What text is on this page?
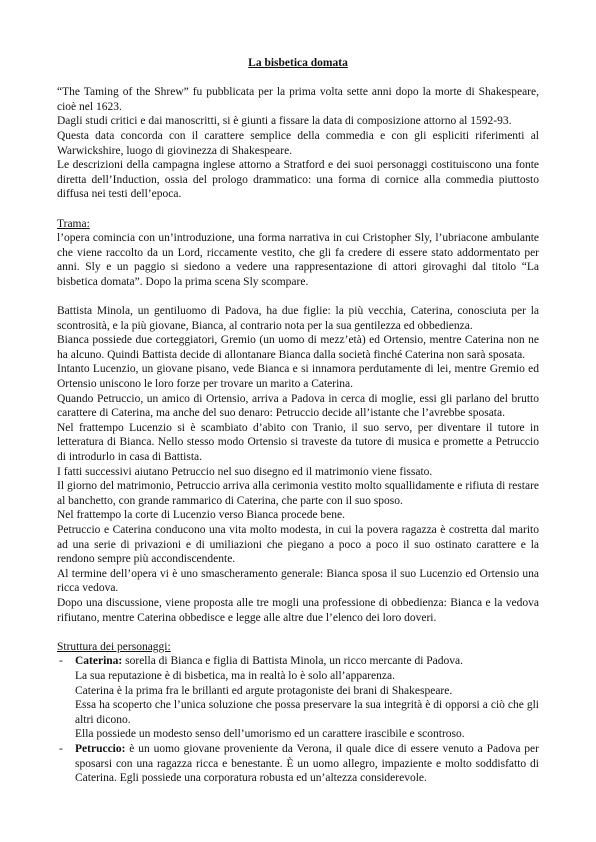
La bisbetica domata

“The Taming of the Shrew” fu pubblicata per la prima volta sette anni dopo la morte di Shakespeare, cioè nel 1623.

Dagli studi critici e dai manoscritti, si è giunti a fissare la data di composizione attorno al 1592-93.

Questa data concorda con il carattere semplice della commedia e con gli espliciti riferimenti al Warwickshire, luogo di giovinezza di Shakespeare.

Le descrizioni della campagna inglese attorno a Stratford e dei suoi personaggi costituiscono una fonte diretta dell’Induction, ossia del prologo drammatico: una forma di cornice alla commedia piuttosto diffusa nei testi dell’epoca.

Trama:

l’opera comincia con un’introduzione, una forma narrativa in cui Cristopher Sly, l’ubriacone ambulante che viene raccolto da un Lord, riccamente vestito, che gli fa credere di essere stato addormentato per anni. Sly e un paggio si siedono a vedere una rappresentazione di attori girovaghi dal titolo “La bisbetica domata”. Dopo la prima scena Sly scompare.

Battista Minola, un gentiluomo di Padova, ha due figlie: la più vecchia, Caterina, conosciuta per la scontrosità, e la più giovane, Bianca, al contrario nota per la sua gentilezza ed obbedienza.

Bianca possiede due corteggiatori, Gremio (un uomo di mezz’età) ed Ortensio, mentre Caterina non ne ha alcuno. Quindi Battista decide di allontanare Bianca dalla società finché Caterina non sarà sposata.

Intanto Lucenzio, un giovane pisano, vede Bianca e si innamora perdutamente di lei, mentre Gremio ed Ortensio uniscono le loro forze per trovare un marito a Caterina.

Quando Petruccio, un amico di Ortensio, arriva a Padova in cerca di moglie, essi gli parlano del brutto carattere di Caterina, ma anche del suo denaro: Petruccio decide all’istante che l’avrebbe sposata.

Nel frattempo Lucenzio si è scambiato d’abito con Tranio, il suo servo, per diventare il tutore in letteratura di Bianca. Nello stesso modo Ortensio si traveste da tutore di musica e promette a Petruccio di introdurlo in casa di Battista.

I fatti successivi aiutano Petruccio nel suo disegno ed il matrimonio viene fissato.

Il giorno del matrimonio, Petruccio arriva alla cerimonia vestito molto squallidamente e rifiuta di restare al banchetto, con grande rammarico di Caterina, che parte con il suo sposo.

Nel frattempo la corte di Lucenzio verso Bianca procede bene.

Petruccio e Caterina conducono una vita molto modesta, in cui la povera ragazza è costretta dal marito ad una serie di privazioni e di umiliazioni che piegano a poco a poco il suo ostinato carattere e la rendono sempre più accondiscendente.

Al termine dell’opera vi è uno smascheramento generale: Bianca sposa il suo Lucenzio ed Ortensio una ricca vedova.

Dopo una discussione, viene proposta alle tre mogli una professione di obbedienza: Bianca e la vedova rifiutano, mentre Caterina obbedisce e legge alle altre due l’elenco dei loro doveri.

Struttura dei personaggi:

- Caterina: sorella di Bianca e figlia di Battista Minola, un ricco mercante di Padova.

La sua reputazione è di bisbetica, ma in realtà lo è solo all’apparenza.

Caterina è la prima fra le brillanti ed argute protagoniste dei brani di Shakespeare.

Essa ha scoperto che l’unica soluzione che possa preservare la sua integrità è di opporsi a ciò che gli altri dicono.

Ella possiede un modesto senso dell’umorismo ed un carattere irascibile e scontroso.

- Petruccio: è un uomo giovane proveniente da Verona, il quale dice di essere venuto a Padova per sposarsi con una ragazza ricca e benestante. È un uomo allegro, impaziente e molto soddisfatto di Caterina. Egli possiede una corporatura robusta ed un’altezza considerevole.
